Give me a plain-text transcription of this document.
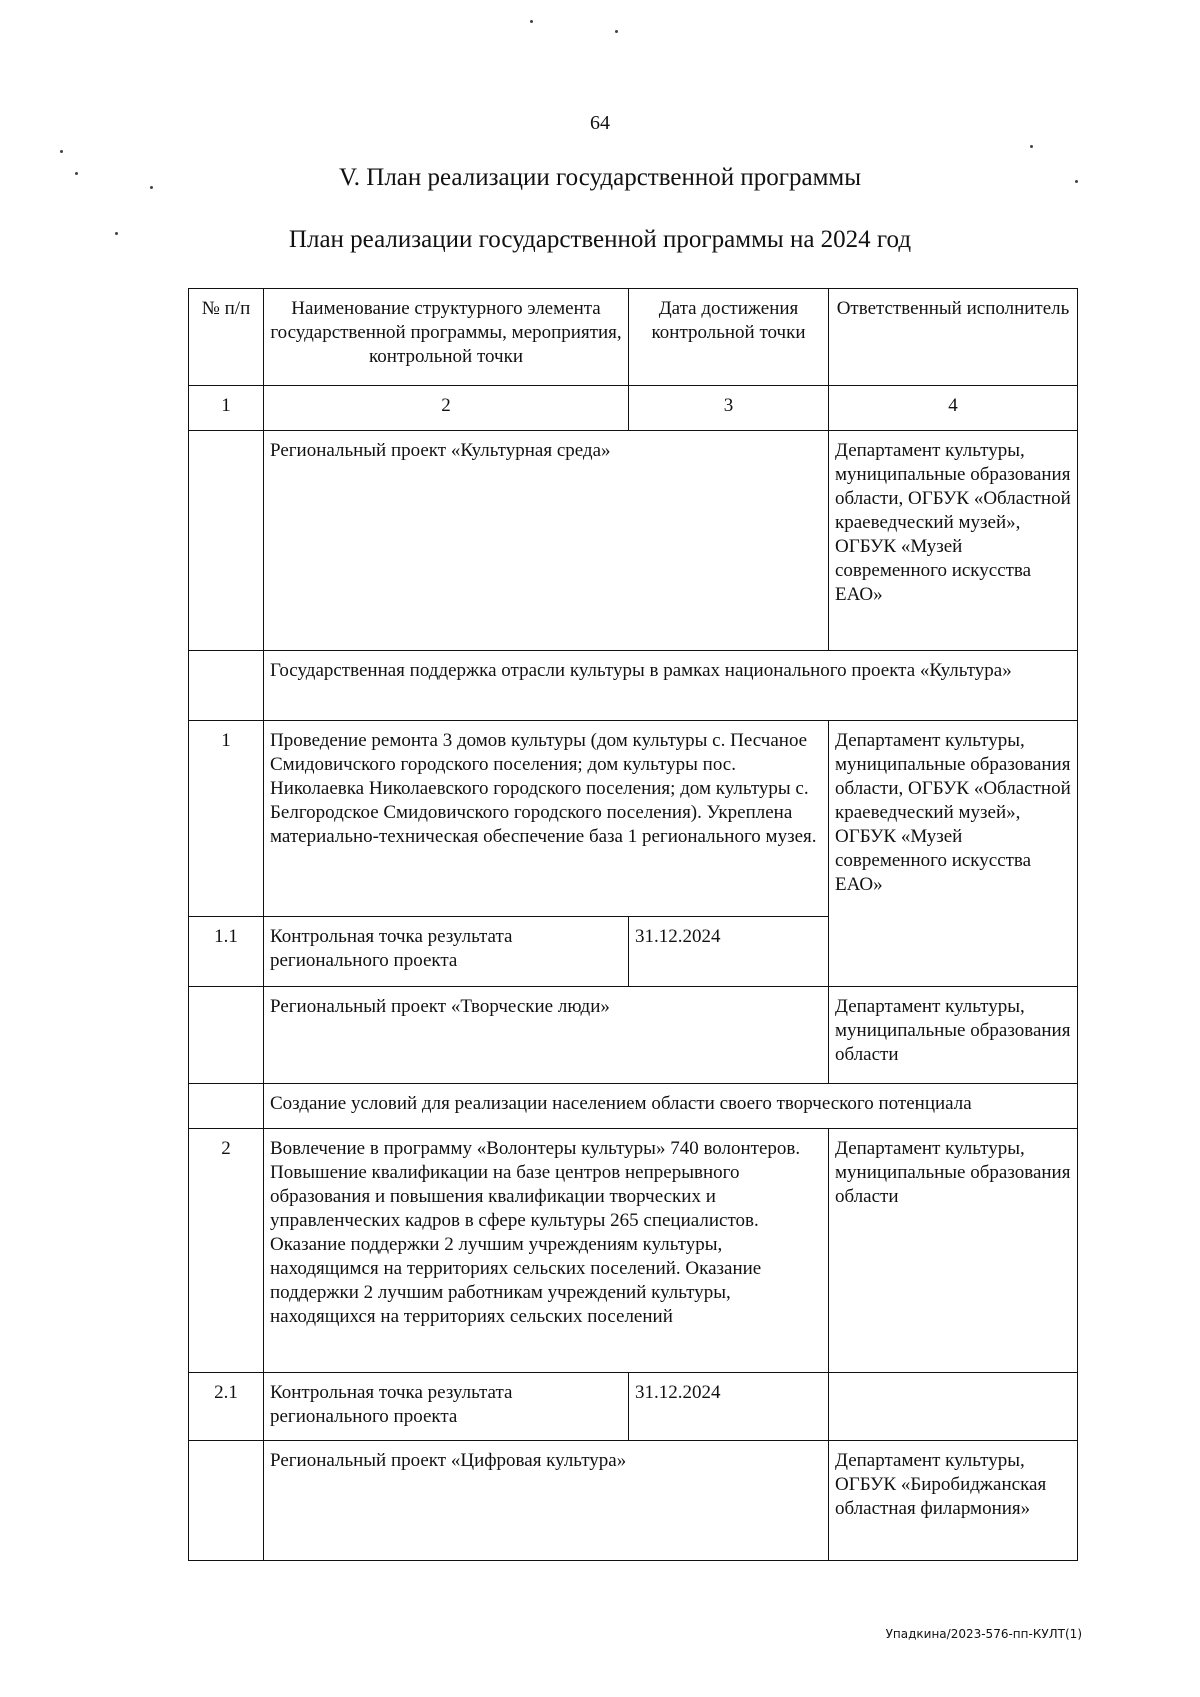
64
V. План реализации государственной программы
План реализации государственной программы на 2024 год
№ п/п	Наименование структурного элемента государственной программы, мероприятия, контрольной точки	Дата достижения контрольной точки	Ответственный исполнитель
1	2	3	4
	Региональный проект «Культурная среда»		Департамент культуры, муниципальные образования области, ОГБУК «Областной краеведческий музей», ОГБУК «Музей современного искусства ЕАО»
	Государственная поддержка отрасли культуры в рамках национального проекта «Культура»		
1	Проведение ремонта 3 домов культуры (дом культуры с. Песчаное Смидовичского городского поселения; дом культуры пос. Николаевка Николаевского городского поселения; дом культуры с. Белгородское Смидовичского городского поселения). Укреплена материально-техническая обеспечение база 1 регионального музея.		Департамент культуры, муниципальные образования области, ОГБУК «Областной краеведческий музей», ОГБУК «Музей современного искусства ЕАО»
1.1	Контрольная точка результата регионального проекта	31.12.2024	
	Региональный проект «Творческие люди»		Департамент культуры, муниципальные образования области
	Создание условий для реализации населением области своего творческого потенциала		
2	Вовлечение в программу «Волонтеры культуры» 740 волонтеров. Повышение квалификации на базе центров непрерывного образования и повышения квалификации творческих и управленческих кадров в сфере культуры 265 специалистов. Оказание поддержки 2 лучшим учреждениям культуры, находящимся на территориях сельских поселений. Оказание поддержки 2 лучшим работникам учреждений культуры, находящихся на территориях сельских поселений		Департамент культуры, муниципальные образования области
2.1	Контрольная точка результата регионального проекта	31.12.2024	
	Региональный проект «Цифровая культура»		Департамент культуры, ОГБУК «Биробиджанская областная филармония»
Упадкина/2023-576-пп-КУЛТ(1)
